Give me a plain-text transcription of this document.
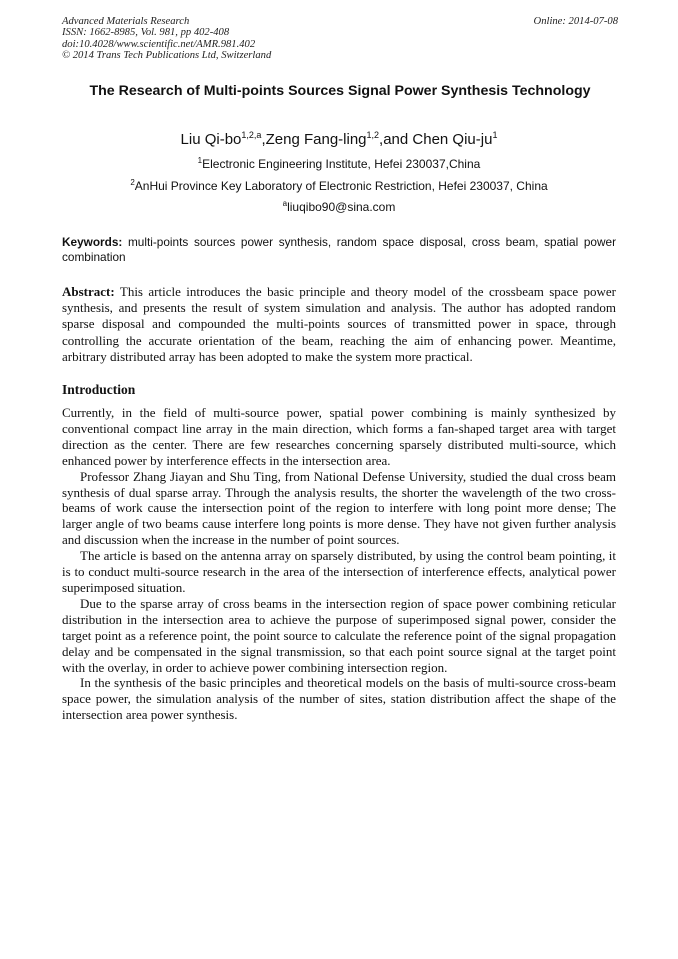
Advanced Materials Research
ISSN: 1662-8985, Vol. 981, pp 402-408
doi:10.4028/www.scientific.net/AMR.981.402
© 2014 Trans Tech Publications Ltd, Switzerland
Online: 2014-07-08
The Research of Multi-points Sources Signal Power Synthesis Technology
Liu Qi-bo$^{1,2,a}$,Zeng Fang-ling$^{1,2}$,and Chen Qiu-$ju^1$
$^1$Electronic Engineering Institute, Hefei 230037,China
$^2$AnHui Province Key Laboratory of Electronic Restriction, Hefei 230037, China
$^a$liuqibo90@sina.com
Keywords: multi-points sources power synthesis, random space disposal, cross beam, spatial power combination
Abstract: This article introduces the basic principle and theory model of the crossbeam space power synthesis, and presents the result of system simulation and analysis. The author has adopted random sparse disposal and compounded the multi-points sources of transmitted power in space, through controlling the accurate orientation of the beam, reaching the aim of enhancing power. Meantime, arbitrary distributed array has been adopted to make the system more practical.
Introduction

Currently, in the field of multi-source power, spatial power combining is mainly synthesized by conventional compact line array in the main direction, which forms a fan-shaped target area with target direction as the center. There are few researches concerning sparsely distributed multi-source, which enhanced power by interference effects in the intersection area.

Professor Zhang Jiayan and Shu Ting, from National Defense University, studied the dual cross beam synthesis of dual sparse array. Through the analysis results, the shorter the wavelength of the two cross-beams of work cause the intersection point of the region to interfere with long point more dense; The larger angle of two beams cause interfere long points is more dense. They have not given further analysis and discussion when the increase in the number of point sources.

The article is based on the antenna array on sparsely distributed, by using the control beam pointing, it is to conduct multi-source research in the area of the intersection of interference effects, analytical power superimposed situation.

Due to the sparse array of cross beams in the intersection region of space power combining reticular distribution in the intersection area to achieve the purpose of superimposed signal power, consider the target point as a reference point, the point source to calculate the reference point of the signal propagation delay and be compensated in the signal transmission, so that each point source signal at the target point with the overlay, in order to achieve power combining intersection region.

In the synthesis of the basic principles and theoretical models on the basis of multi-source cross-beam space power, the simulation analysis of the number of sites, station distribution affect the shape of the intersection area power synthesis.
